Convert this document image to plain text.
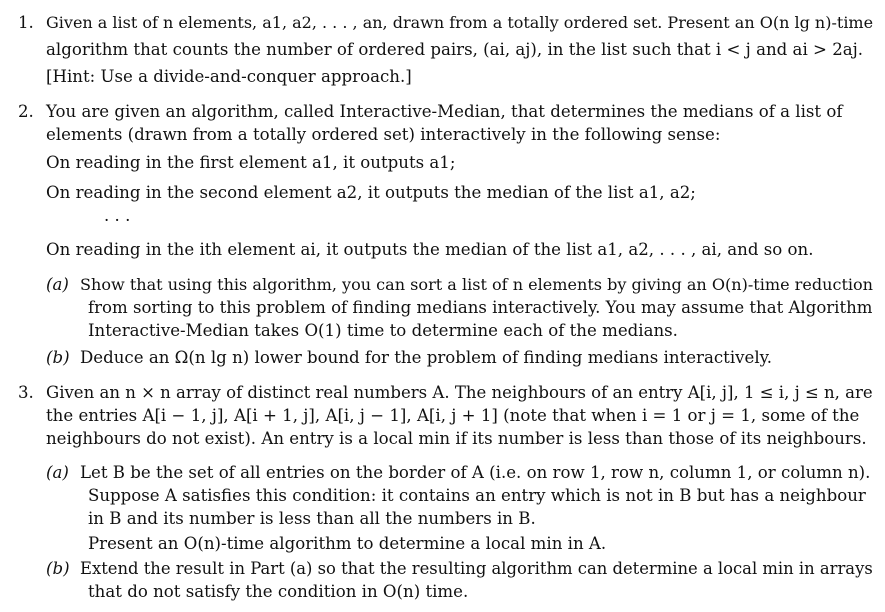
1. Given a list of n elements, a1, a2, . . . , an, drawn from a totally ordered set. Present an O(n lg n)-time
algorithm that counts the number of ordered pairs, (ai, aj), in the list such that i < j and ai > 2aj.
[Hint: Use a divide-and-conquer approach.]
2. You are given an algorithm, called Interactive-Median, that determines the medians of a list of
elements (drawn from a totally ordered set) interactively in the following sense:
On reading in the first element a1, it outputs a1;
On reading in the second element a2, it outputs the median of the list a1, a2;
· · ·
On reading in the ith element ai, it outputs the median of the list a1, a2, . . . , ai, and so on.
(a) Show that using this algorithm, you can sort a list of n elements by giving an O(n)-time reduction
from sorting to this problem of finding medians interactively. You may assume that Algorithm
Interactive-Median takes O(1) time to determine each of the medians.
(b) Deduce an Ω(n lg n) lower bound for the problem of finding medians interactively.
3. Given an n × n array of distinct real numbers A. The neighbours of an entry A[i, j], 1 ≤ i, j ≤ n, are
the entries A[i − 1, j], A[i + 1, j], A[i, j − 1], A[i, j + 1] (note that when i = 1 or j = 1, some of the
neighbours do not exist). An entry is a local min if its number is less than those of its neighbours.
(a) Let B be the set of all entries on the border of A (i.e. on row 1, row n, column 1, or column n).
Suppose A satisfies this condition: it contains an entry which is not in B but has a neighbour
in B and its number is less than all the numbers in B.
Present an O(n)-time algorithm to determine a local min in A.
(b) Extend the result in Part (a) so that the resulting algorithm can determine a local min in arrays
that do not satisfy the condition in O(n) time.
